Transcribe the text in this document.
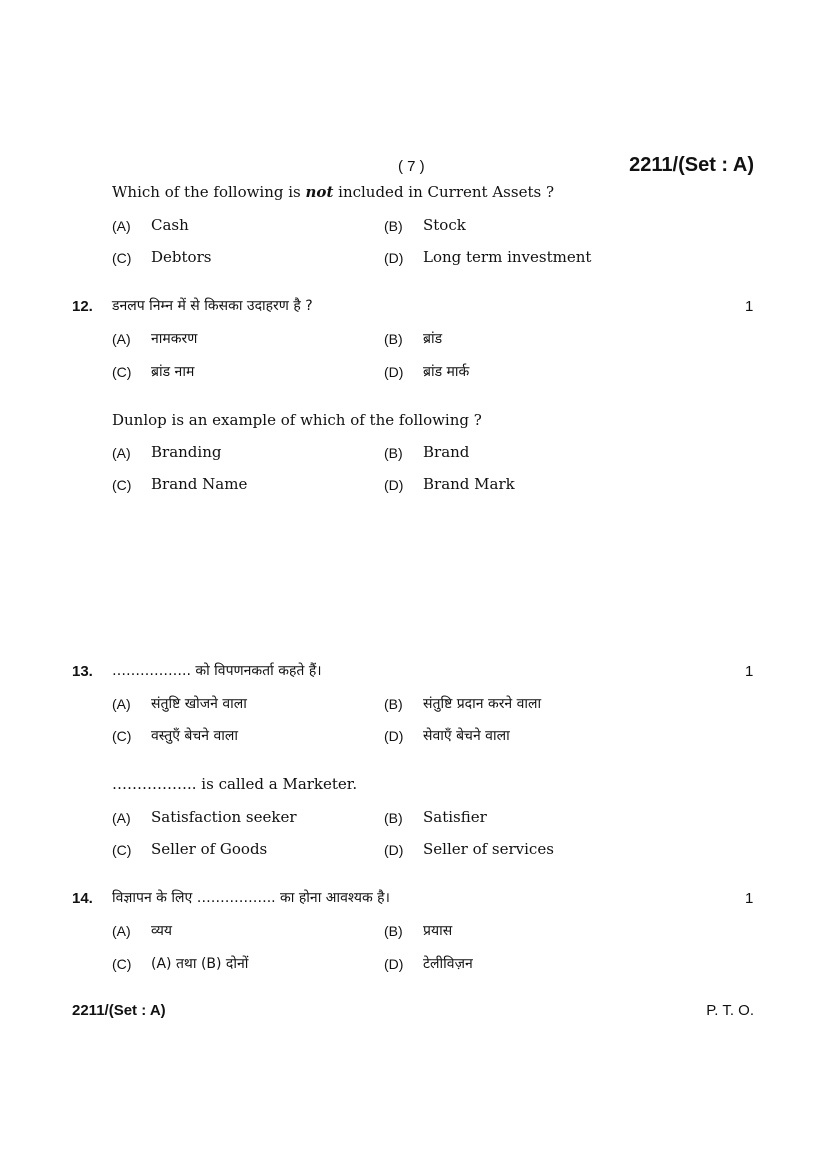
( 7 )	2211/(Set : A)
Which of the following is not included in Current Assets ?
(A) Cash	(B) Stock
(C) Debtors	(D) Long term investment
12. डनलप निम्न में से किसका उदाहरण है ?	1
(A) नामकरण	(B) ब्रांड
(C) ब्रांड नाम	(D) ब्रांड मार्क
Dunlop is an example of which of the following ?
(A) Branding	(B) Brand
(C) Brand Name	(D) Brand Mark
13. …………….. को विपणनकर्ता कहते हैं।	1
(A) संतुष्टि खोजने वाला	(B) संतुष्टि प्रदान करने वाला
(C) वस्तुएँ बेचने वाला	(D) सेवाएँ बेचने वाला
…………….. is called a Marketer.
(A) Satisfaction seeker	(B) Satisfier
(C) Seller of Goods	(D) Seller of services
14. विज्ञापन के लिए …………….. का होना आवश्यक है।	1
(A) व्यय	(B) प्रयास
(C) (A) तथा (B) दोनों	(D) टेलीविज़न
2211/(Set : A)	P. T. O.
